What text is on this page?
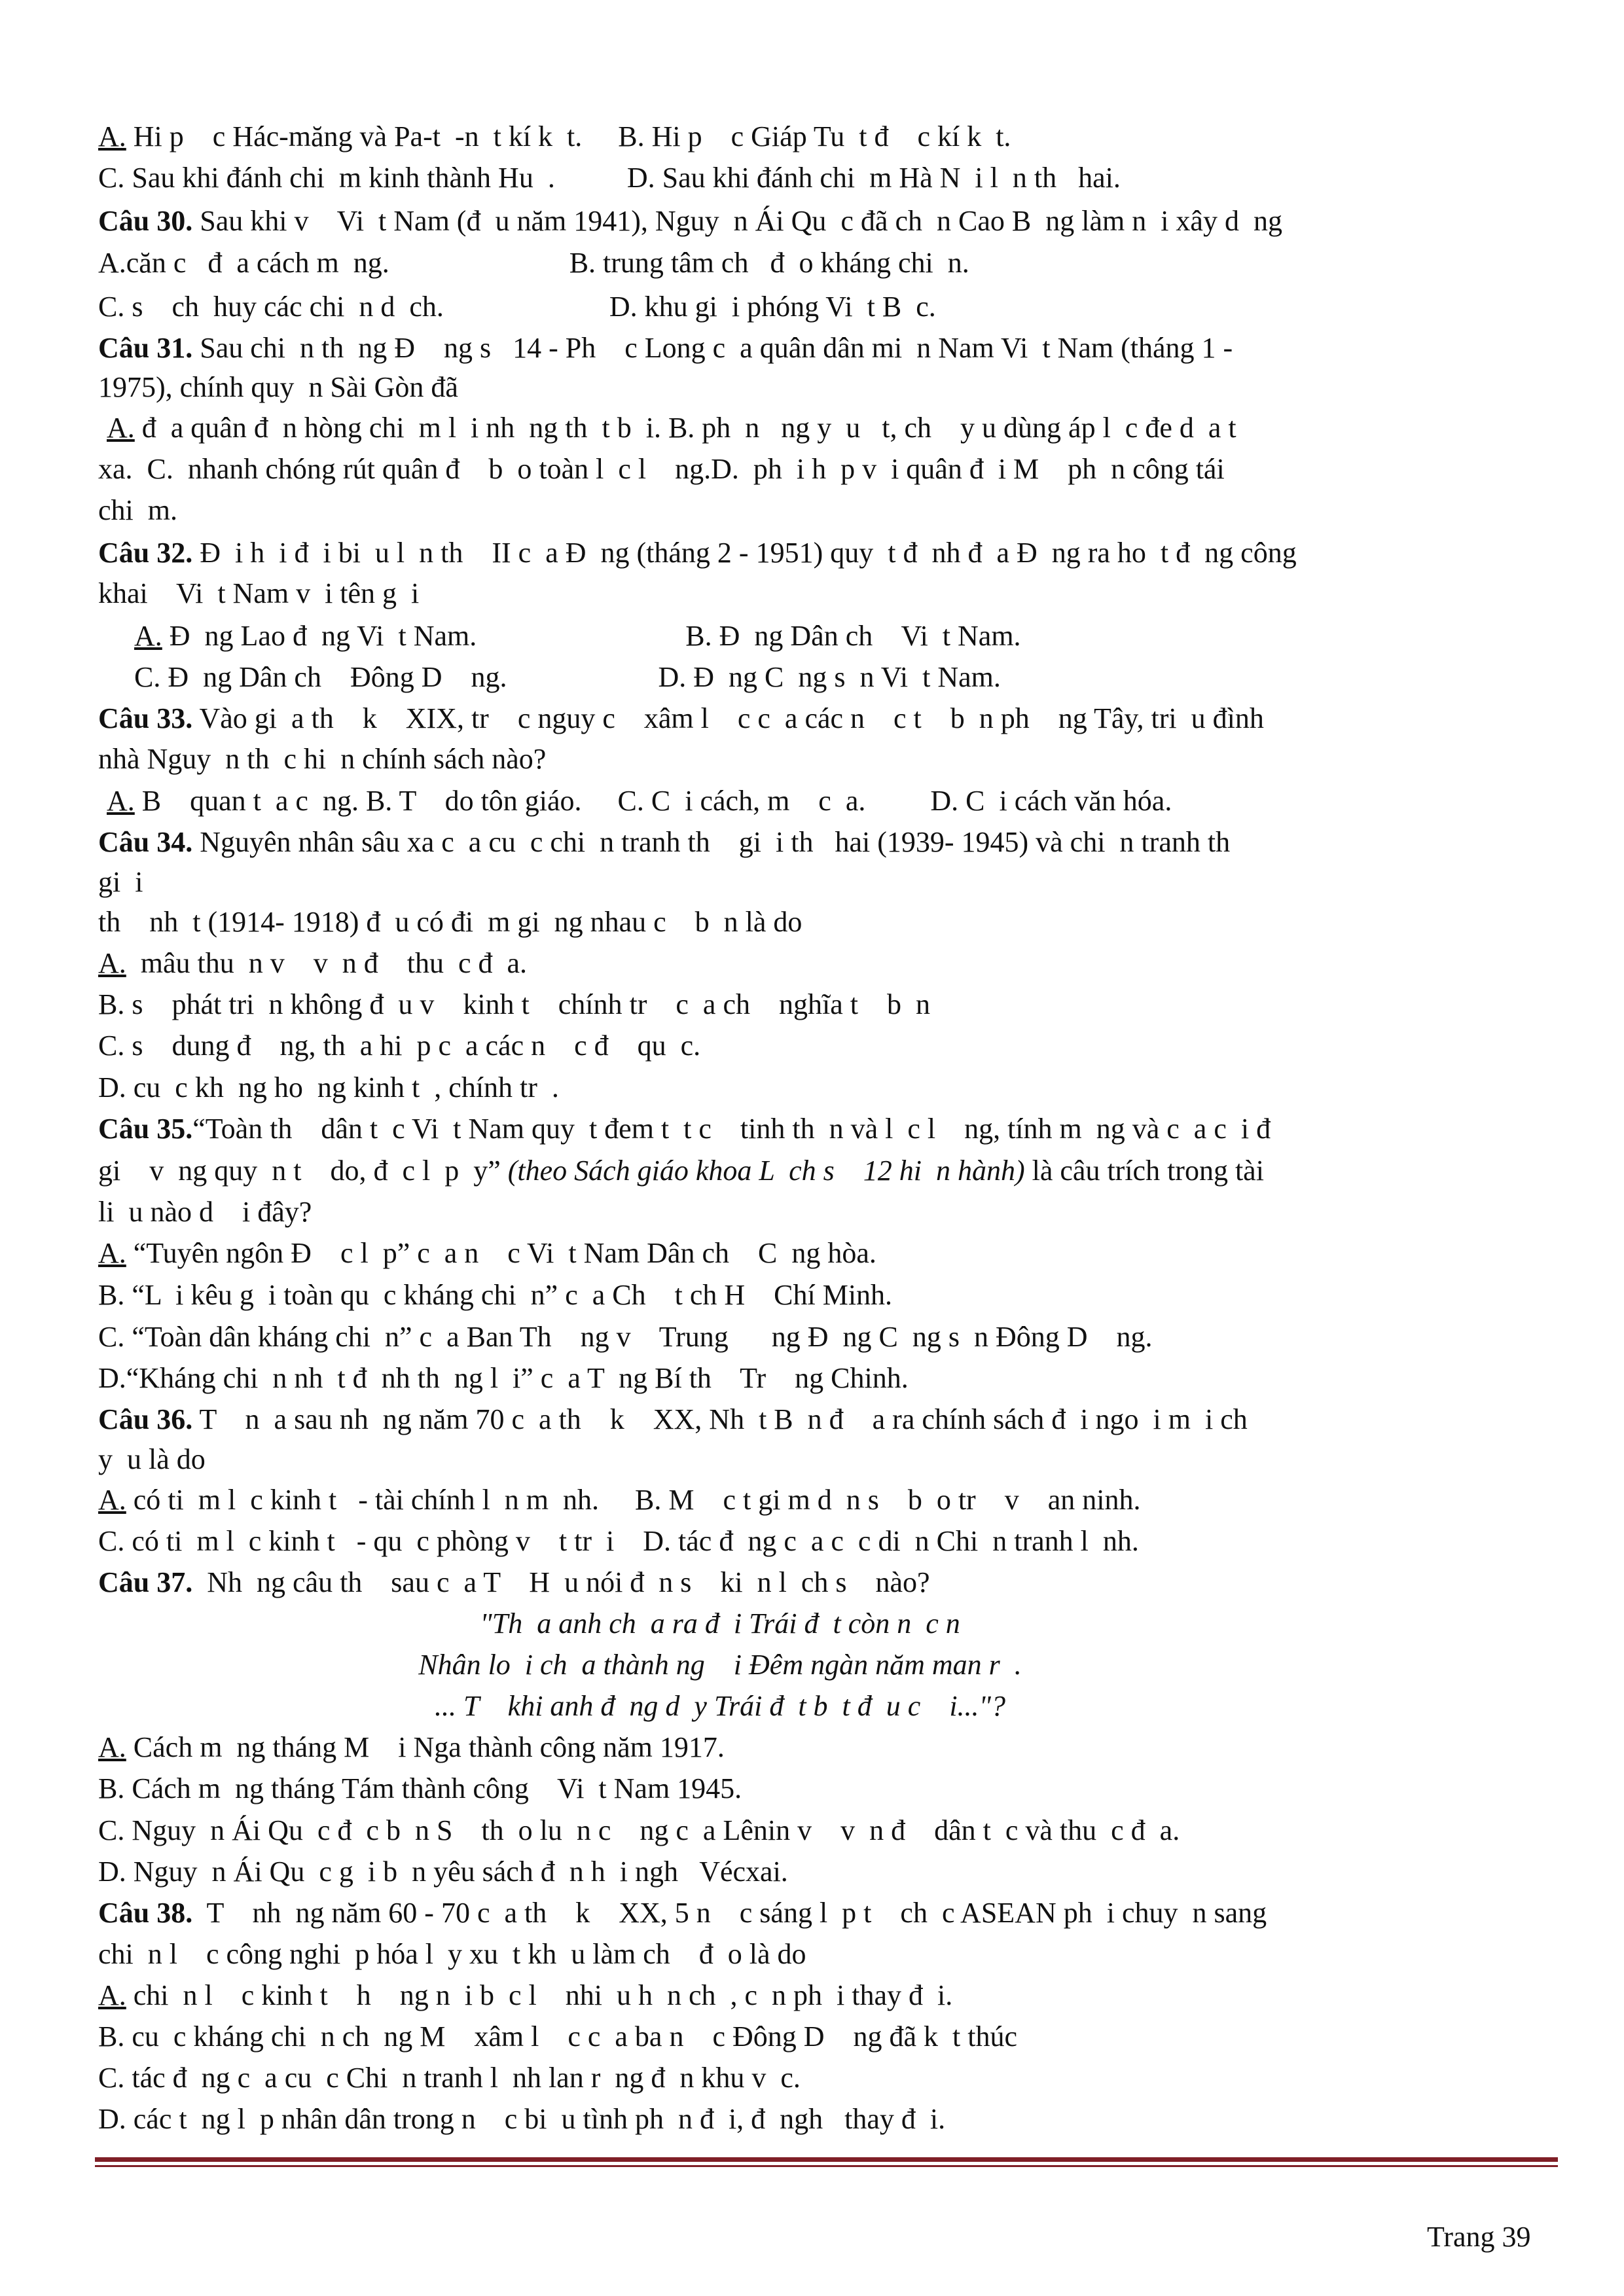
A. Hi p    c Hác-măng và Pa-t  -n  t kí k  t.     B. Hi p    c Giáp Tu  t đ    c kí k  t.
C. Sau khi đánh chi  m kinh thành Hu  .          D. Sau khi đánh chi  m Hà N  i l  n th   hai.
Câu 30. Sau khi v    Vi  t Nam (đ  u năm 1941), Nguy  n Ái Qu  c đã ch  n Cao B  ng làm n  i xây d  ng
A.căn c   đ  a cách m  ng.                         B. trung tâm ch   đ  o kháng chi  n.
C. s    ch  huy các chi  n d  ch.                       D. khu gi  i phóng Vi  t B  c.
Câu 31. Sau chi  n th  ng Đ    ng s   14 - Ph    c Long c  a quân dân mi  n Nam Vi  t Nam (tháng 1 -
1975), chính quy  n Sài Gòn đã
A. đ  a quân đ  n hòng chi  m l  i nh  ng th  t b  i. B. ph  n   ng y  u   t, ch    y u dùng áp l  c đe d  a t
xa.  C.  nhanh chóng rút quân đ    b  o toàn l  c l    ng.D.  ph  i h  p v  i quân đ  i M    ph  n công tái
chi  m.
Câu 32. Đ  i h  i đ  i bi  u l  n th    II c  a Đ  ng (tháng 2 - 1951) quy  t đ  nh đ  a Đ  ng ra ho  t đ  ng công
khai    Vi  t Nam v  i tên g  i
A. Đ  ng Lao đ  ng Vi  t Nam.                             B. Đ  ng Dân ch    Vi  t Nam.
C. Đ  ng Dân ch    Đông D    ng.                     D. Đ  ng C  ng s  n Vi  t Nam.
Câu 33. Vào gi  a th    k    XIX, tr    c nguy c    xâm l    c c  a các n    c t    b  n ph    ng Tây, tri  u đình
nhà Nguy  n th  c hi  n chính sách nào?
A. B    quan t  a c  ng. B. T    do tôn giáo.     C. C  i cách, m    c  a.         D. C  i cách văn hóa.
Câu 34. Nguyên nhân sâu xa c  a cu  c chi  n tranh th    gi  i th   hai (1939- 1945) và chi  n tranh th
gi  i
th    nh  t (1914- 1918) đ  u có đi  m gi  ng nhau c    b  n là do
A.  mâu thu  n v    v  n đ    thu  c đ  a.
B. s    phát tri  n không đ  u v    kinh t    chính tr    c  a ch    nghĩa t    b  n
C. s    dung đ    ng, th  a hi  p c  a các n    c đ    qu  c.
D. cu  c kh  ng ho  ng kinh t  , chính tr  .
Câu 35.“Toàn th    dân t  c Vi  t Nam quy  t đem t  t c    tinh th  n và l  c l    ng, tính m  ng và c  a c  i đ
gi    v  ng quy  n t    do, đ  c l  p  y” (theo Sách giáo khoa L  ch s    12 hi  n hành) là câu trích trong tài
li  u nào d    i đây?
A. “Tuyên ngôn Đ    c l  p” c  a n    c Vi  t Nam Dân ch    C  ng hòa.
B. “L  i kêu g  i toàn qu  c kháng chi  n” c  a Ch    t ch H    Chí Minh.
C. “Toàn dân kháng chi  n” c  a Ban Th    ng v    Trung      ng Đ  ng C  ng s  n Đông D    ng.
D.“Kháng chi  n nh  t đ  nh th  ng l  i” c  a T  ng Bí th    Tr    ng Chinh.
Câu 36. T    n  a sau nh  ng năm 70 c  a th    k    XX, Nh  t B  n đ    a ra chính sách đ  i ngo  i m  i ch
y  u là do
A. có ti  m l  c kinh t   - tài chính l  n m  nh.     B. M    c t gi m d  n s    b  o tr    v    an ninh.
C. có ti  m l  c kinh t   - qu  c phòng v    t tr  i    D. tác đ  ng c  a c  c di  n Chi  n tranh l  nh.
Câu 37.  Nh  ng câu th    sau c  a T    H  u nói đ  n s    ki  n l  ch s    nào?
"Th  a anh ch  a ra đ  i Trái đ  t còn n  c n
Nhân lo  i ch  a thành ng    i Đêm ngàn năm man r  .
... T    khi anh đ  ng d  y Trái đ  t b  t đ  u c    i..."?
A. Cách m  ng tháng M    i Nga thành công năm 1917.
B. Cách m  ng tháng Tám thành công    Vi  t Nam 1945.
C. Nguy  n Ái Qu  c đ  c b  n S    th  o lu  n c    ng c  a Lênin v    v  n đ    dân t  c và thu  c đ  a.
D. Nguy  n Ái Qu  c g  i b  n yêu sách đ  n h  i ngh   Vécxai.
Câu 38.  T    nh  ng năm 60 - 70 c  a th    k    XX, 5 n    c sáng l  p t    ch  c ASEAN ph  i chuy  n sang
chi  n l    c công nghi  p hóa l  y xu  t kh  u làm ch    đ  o là do
A. chi  n l    c kinh t    h    ng n  i b  c l    nhi  u h  n ch  , c  n ph  i thay đ  i.
B. cu  c kháng chi  n ch  ng M    xâm l    c c  a ba n    c Đông D    ng đã k  t thúc
C. tác đ  ng c  a cu  c Chi  n tranh l  nh lan r  ng đ  n khu v  c.
D. các t  ng l  p nhân dân trong n    c bi  u tình ph  n đ  i, đ  ngh   thay đ  i.
Trang 39
